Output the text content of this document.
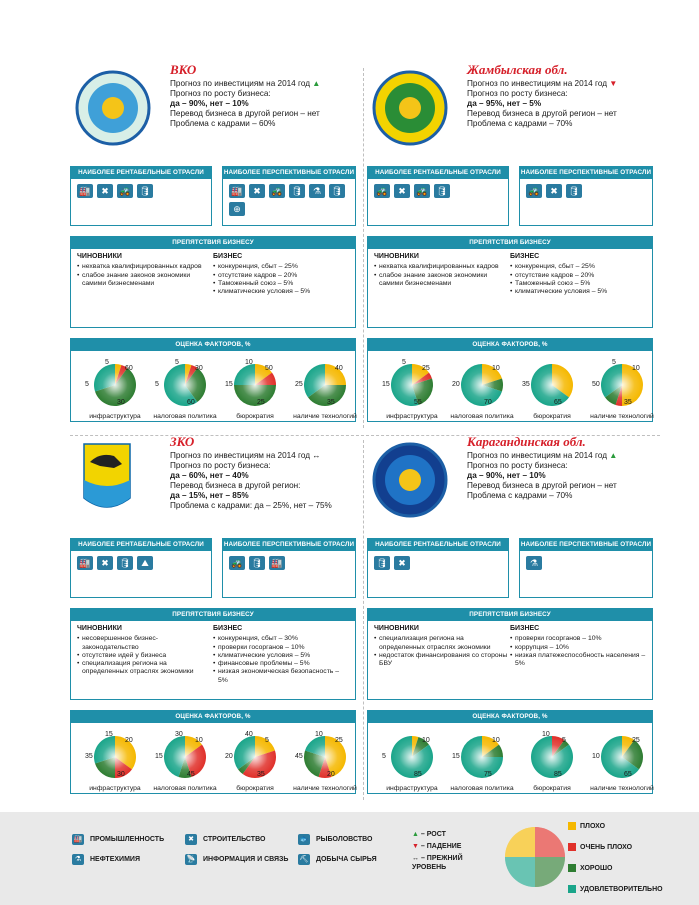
ВКО
Прогноз по инвестициям на 2014 год ▲
Прогноз по росту бизнеса:
да – 90%, нет – 10%
Перевод бизнеса в другой регион – нет
Проблема с кадрами – 60%
НАИБОЛЕЕ РЕНТАБЕЛЬНЫЕ ОТРАСЛИ
🏭	✖	🚜 🛢
НАИБОЛЕЕ ПЕРСПЕКТИВНЫЕ ОТРАСЛИ
🏭	✖	🚜 🛢	⚗	🛢
⊕
ПРЕПЯТСТВИЯ БИЗНЕСУ
ЧИНОВНИКИ
• нехватка квалифицированных кадров
• слабое знание законов экономики самими бизнесменами
БИЗНЕС
• конкуренция, сбыт – 25%
• отсутствие кадров – 20%
• Таможенный союз – 5%
• климатические условия – 5%
ОЦЕНКА ФАКТОРОВ, %
5
5
60
30
инфраструктура
5
5
30
60
налоговая политика
15
10
50
25
бюрократия
25
40
35
наличие технологий
Жамбылская обл.
Прогноз по инвестициям на 2014 год ▼
Прогноз по росту бизнеса:
да – 95%, нет – 5%
Перевод бизнеса в другой регион – нет
Проблема с кадрами – 70%
НАИБОЛЕЕ РЕНТАБЕЛЬНЫЕ ОТРАСЛИ
🚜	✖	🚜 🛢
НАИБОЛЕЕ ПЕРСПЕКТИВНЫЕ ОТРАСЛИ
🚜	✖	🛢
ПРЕПЯТСТВИЯ БИЗНЕСУ
ЧИНОВНИКИ
• нехватка квалифицированных кадров
• слабое знание законов экономики самими бизнесменами
БИЗНЕС
• конкуренция, сбыт – 25%
• отсутствие кадров – 20%
• Таможенный союз – 5%
• климатические условия – 5%
ОЦЕНКА ФАКТОРОВ, %
15
5
25
55
инфраструктура
20
10
70
налоговая политика
35
65
бюрократия
50
5
10
35
наличие технологий
ЗКО
Прогноз по инвестициям на 2014 год ↔
Прогноз по росту бизнеса:
да – 60%, нет – 40%
Перевод бизнеса в другой регион:
да – 15%, нет – 85%
Проблема с кадрами: да – 25%, нет – 75%
НАИБОЛЕЕ РЕНТАБЕЛЬНЫЕ ОТРАСЛИ
🏭	✖	🛢	⛰
НАИБОЛЕЕ ПЕРСПЕКТИВНЫЕ ОТРАСЛИ
🚜 🛢 🏭
ПРЕПЯТСТВИЯ БИЗНЕСУ
ЧИНОВНИКИ
• несовершенное бизнес-законодательство
• отсутствие идей у бизнеса
• специализация региона на определенных отраслях экономики
БИЗНЕС
• конкуренция, сбыт – 30%
• проверки госорганов – 10%
• климатические условия – 5%
• финансовые проблемы – 5%
• низкая экономическая безопасность – 5%
ОЦЕНКА ФАКТОРОВ, %
35
15
20
30
инфраструктура
15
30
10
45
налоговая политика
20
40
5
35
бюрократия
45
10
25
20
наличие технологий
Карагандинская обл.
Прогноз по инвестициям на 2014 год ▲
Прогноз по росту бизнеса:
да – 90%, нет – 10%
Перевод бизнеса в другой регион – нет
Проблема с кадрами – 70%
НАИБОЛЕЕ РЕНТАБЕЛЬНЫЕ ОТРАСЛИ
🛢	✖
НАИБОЛЕЕ ПЕРСПЕКТИВНЫЕ ОТРАСЛИ
⚗
ПРЕПЯТСТВИЯ БИЗНЕСУ
ЧИНОВНИКИ
• специализация региона на определенных отраслях экономики
• недостаток финансирования со стороны БВУ
БИЗНЕС
• проверки госорганов – 10%
• коррупция – 10%
• низкая платежеспособность населения – 5%
ОЦЕНКА ФАКТОРОВ, %
5
10
85
инфраструктура
15
10
75
налоговая политика
10
5
85
бюрократия
10
25
65
наличие технологий
🏭 ПРОМЫШЛЕННОСТЬ
⚗	НЕФТЕХИМИЯ
✖	СТРОИТЕЛЬСТВО
📡 ИНФОРМАЦИЯ И СВЯЗЬ
🐟 РЫБОЛОВСТВО
⛏ ДОБЫЧА СЫРЬЯ
▲ – РОСТ
▼ – ПАДЕНИЕ
↔ – ПРЕЖНИЙ УРОВЕНЬ
ПЛОХО
ОЧЕНЬ ПЛОХО
ХОРОШО
УДОВЛЕТВОРИТЕЛЬНО
